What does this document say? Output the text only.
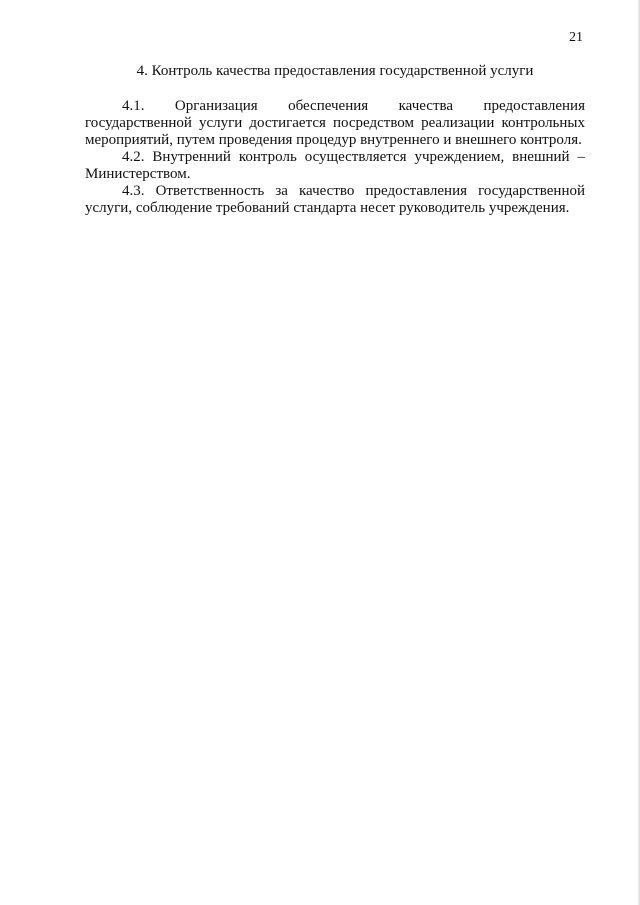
21
4. Контроль качества предоставления государственной услуги

4.1. Организация обеспечения качества предоставления государственной услуги достигается посредством реализации контрольных мероприятий, путем проведения процедур внутреннего и внешнего контроля.

4.2. Внутренний контроль осуществляется учреждением, внешний – Министерством.

4.3. Ответственность за качество предоставления государственной услуги, соблюдение требований стандарта несет руководитель учреждения.
